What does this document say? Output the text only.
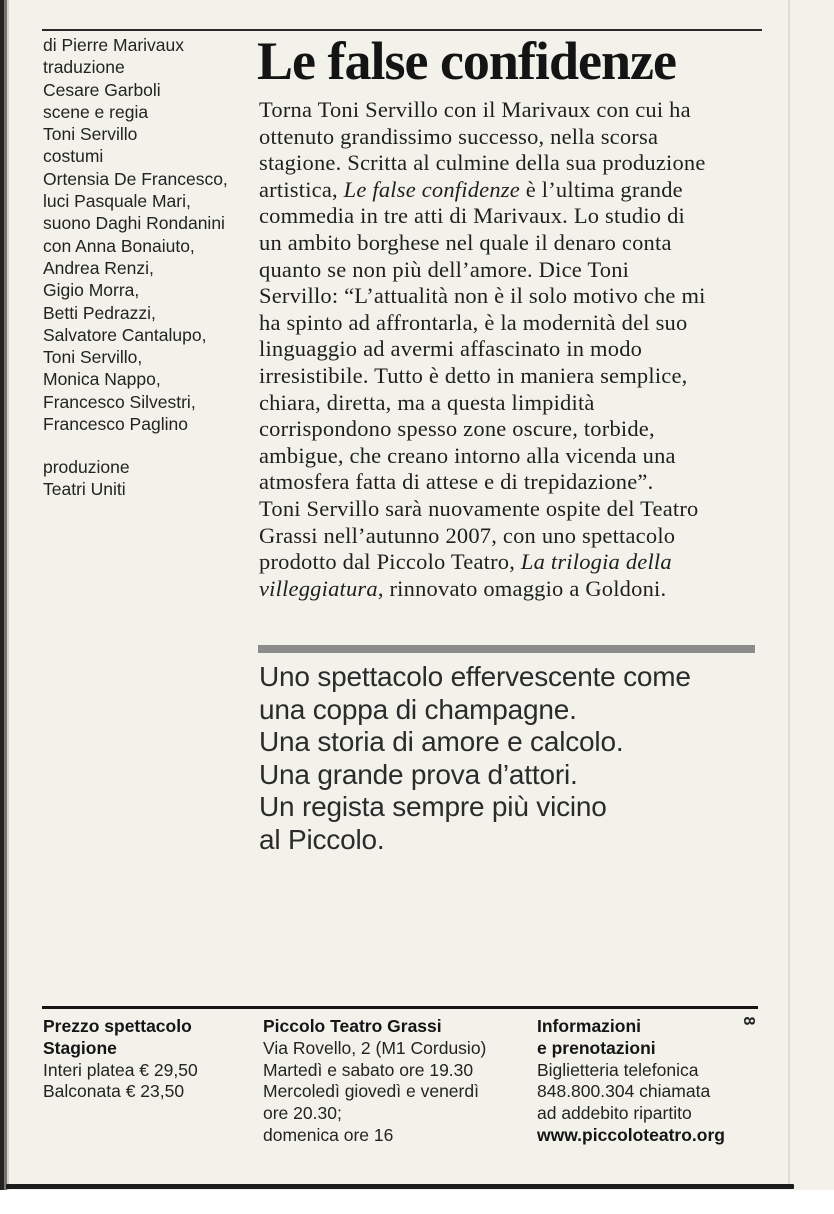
di Pierre Marivaux
traduzione
Cesare Garboli
scene e regia
Toni Servillo
costumi
Ortensia De Francesco,
luci Pasquale Mari,
suono Daghi Rondanini
con Anna Bonaiuto,
Andrea Renzi,
Gigio Morra,
Betti Pedrazzi,
Salvatore Cantalupo,
Toni Servillo,
Monica Nappo,
Francesco Silvestri,
Francesco Paglino
produzione
Teatri Uniti
Le false confidenze
Torna Toni Servillo con il Marivaux con cui ha
ottenuto grandissimo successo, nella scorsa
stagione. Scritta al culmine della sua produzione
artistica, Le false confidenze è l’ultima grande
commedia in tre atti di Marivaux. Lo studio di
un ambito borghese nel quale il denaro conta
quanto se non più dell’amore. Dice Toni
Servillo: “L’attualità non è il solo motivo che mi
ha spinto ad affrontarla, è la modernità del suo
linguaggio ad avermi affascinato in modo
irresistibile. Tutto è detto in maniera semplice,
chiara, diretta, ma a questa limpidità
corrispondono spesso zone oscure, torbide,
ambigue, che creano intorno alla vicenda una
atmosfera fatta di attese e di trepidazione”.
Toni Servillo sarà nuovamente ospite del Teatro
Grassi nell’autunno 2007, con uno spettacolo
prodotto dal Piccolo Teatro, La trilogia della
villeggiatura, rinnovato omaggio a Goldoni.
Uno spettacolo effervescente come
una coppa di champagne.
Una storia di amore e calcolo.
Una grande prova d’attori.
Un regista sempre più vicino
al Piccolo.
Prezzo spettacolo
Stagione
Interi platea € 29,50
Balconata € 23,50
Piccolo Teatro Grassi
Via Rovello, 2 (M1 Cordusio)
Martedì e sabato ore 19.30
Mercoledì giovedì e venerdì
ore 20.30;
domenica ore 16
Informazioni
e prenotazioni
Biglietteria telefonica
848.800.304 chiamata
ad addebito ripartito
www.piccoloteatro.org
8
